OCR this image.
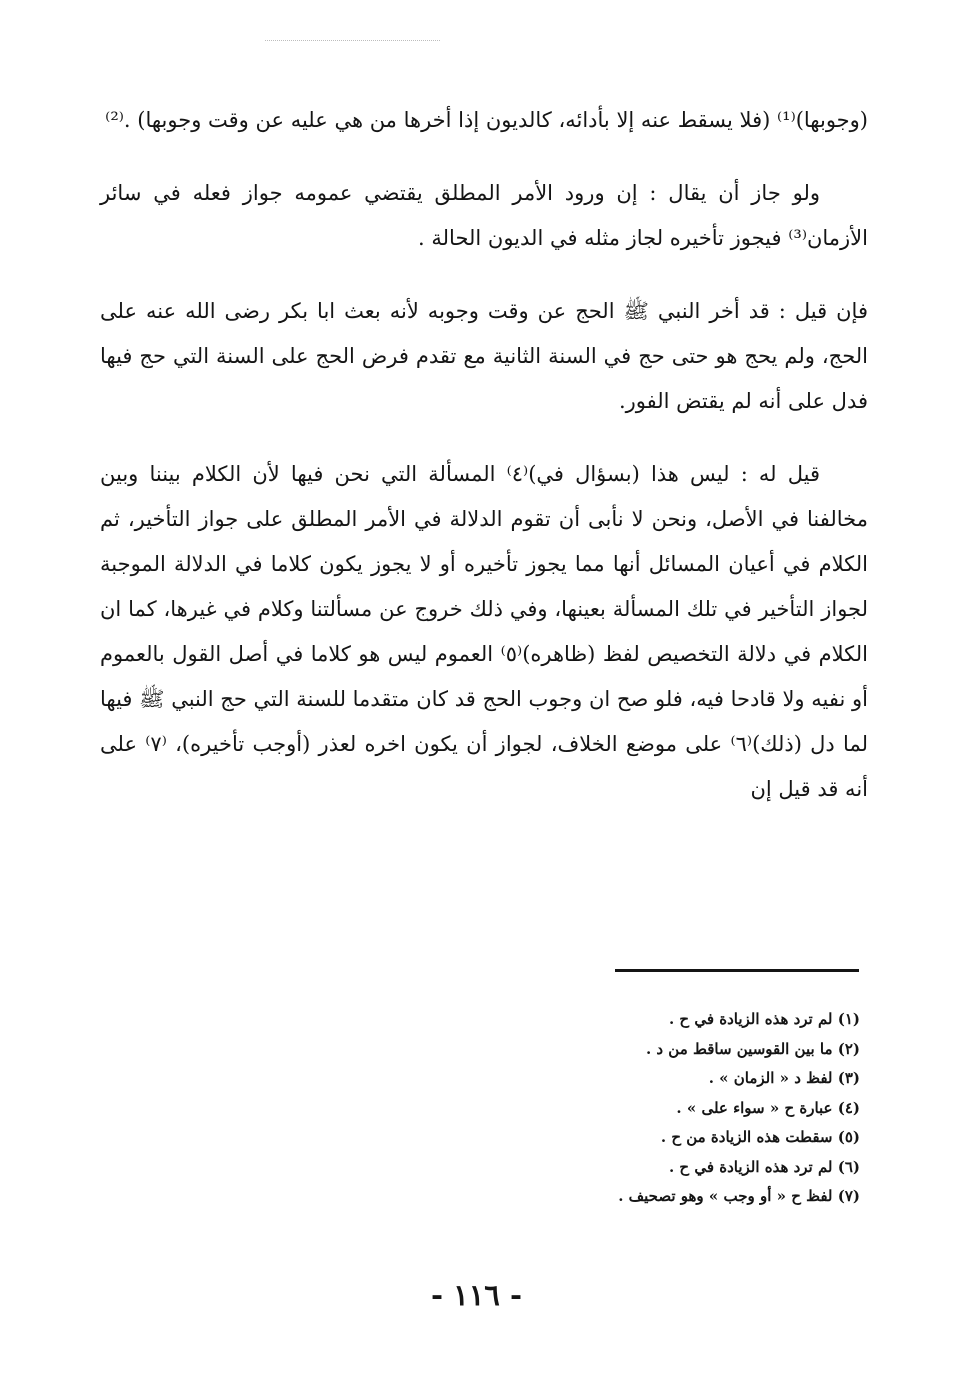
(وجوبها)⁽¹⁾ (فلا يسقط عنه إلا بأدائه، كالديون إذا أخرها من هي عليه عن وقت وجوبها) .⁽²⁾

ولو جاز أن يقال : إن ورود الأمر المطلق يقتضي عمومه جواز فعله في سائر الأزمان⁽³⁾ فيجوز تأخيره لجاز مثله في الديون الحالة .

فإن قيل : قد أخر النبي ﷺ الحج عن وقت وجوبه لأنه بعث ابا بكر رضى الله عنه على الحج، ولم يحج هو حتى حج في السنة الثانية مع تقدم فرض الحج على السنة التي حج فيها فدل على أنه لم يقتض الفور.

قيل له : ليس هذا (بسؤال في)⁽٤⁾ المسألة التي نحن فيها لأن الكلام بيننا وبين مخالفنا في الأصل، ونحن لا نأبى أن تقوم الدلالة في الأمر المطلق على جواز التأخير، ثم الكلام في أعيان المسائل أنها مما يجوز تأخيره أو لا يجوز يكون كلاما في الدلالة الموجبة لجواز التأخير في تلك المسألة بعينها، وفي ذلك خروج عن مسألتنا وكلام في غيرها، كما ان الكلام في دلالة التخصيص لفظ (ظاهره)⁽٥⁾ العموم ليس هو كلاما في أصل القول بالعموم أو نفيه ولا قادحا فيه، فلو صح ان وجوب الحج قد كان متقدما للسنة التي حج النبي ﷺ فيها لما دل (ذلك)⁽٦⁾ على موضع الخلاف، لجواز أن يكون اخره لعذر (أوجب تأخيره)، ⁽٧⁾ على أنه قد قيل إن

(١) لم ترد هذه الزيادة في ح .
(٢) ما بين القوسين ساقط من د .
(٣) لفظ د « الزمان » .
(٤) عبارة ح « سواء على » .
(٥) سقطت هذه الزيادة من ح .
(٦) لم ترد هذه الزيادة في ح .
(٧) لفظ ح « أو وجب » وهو تصحيف .
- ١١٦ -
